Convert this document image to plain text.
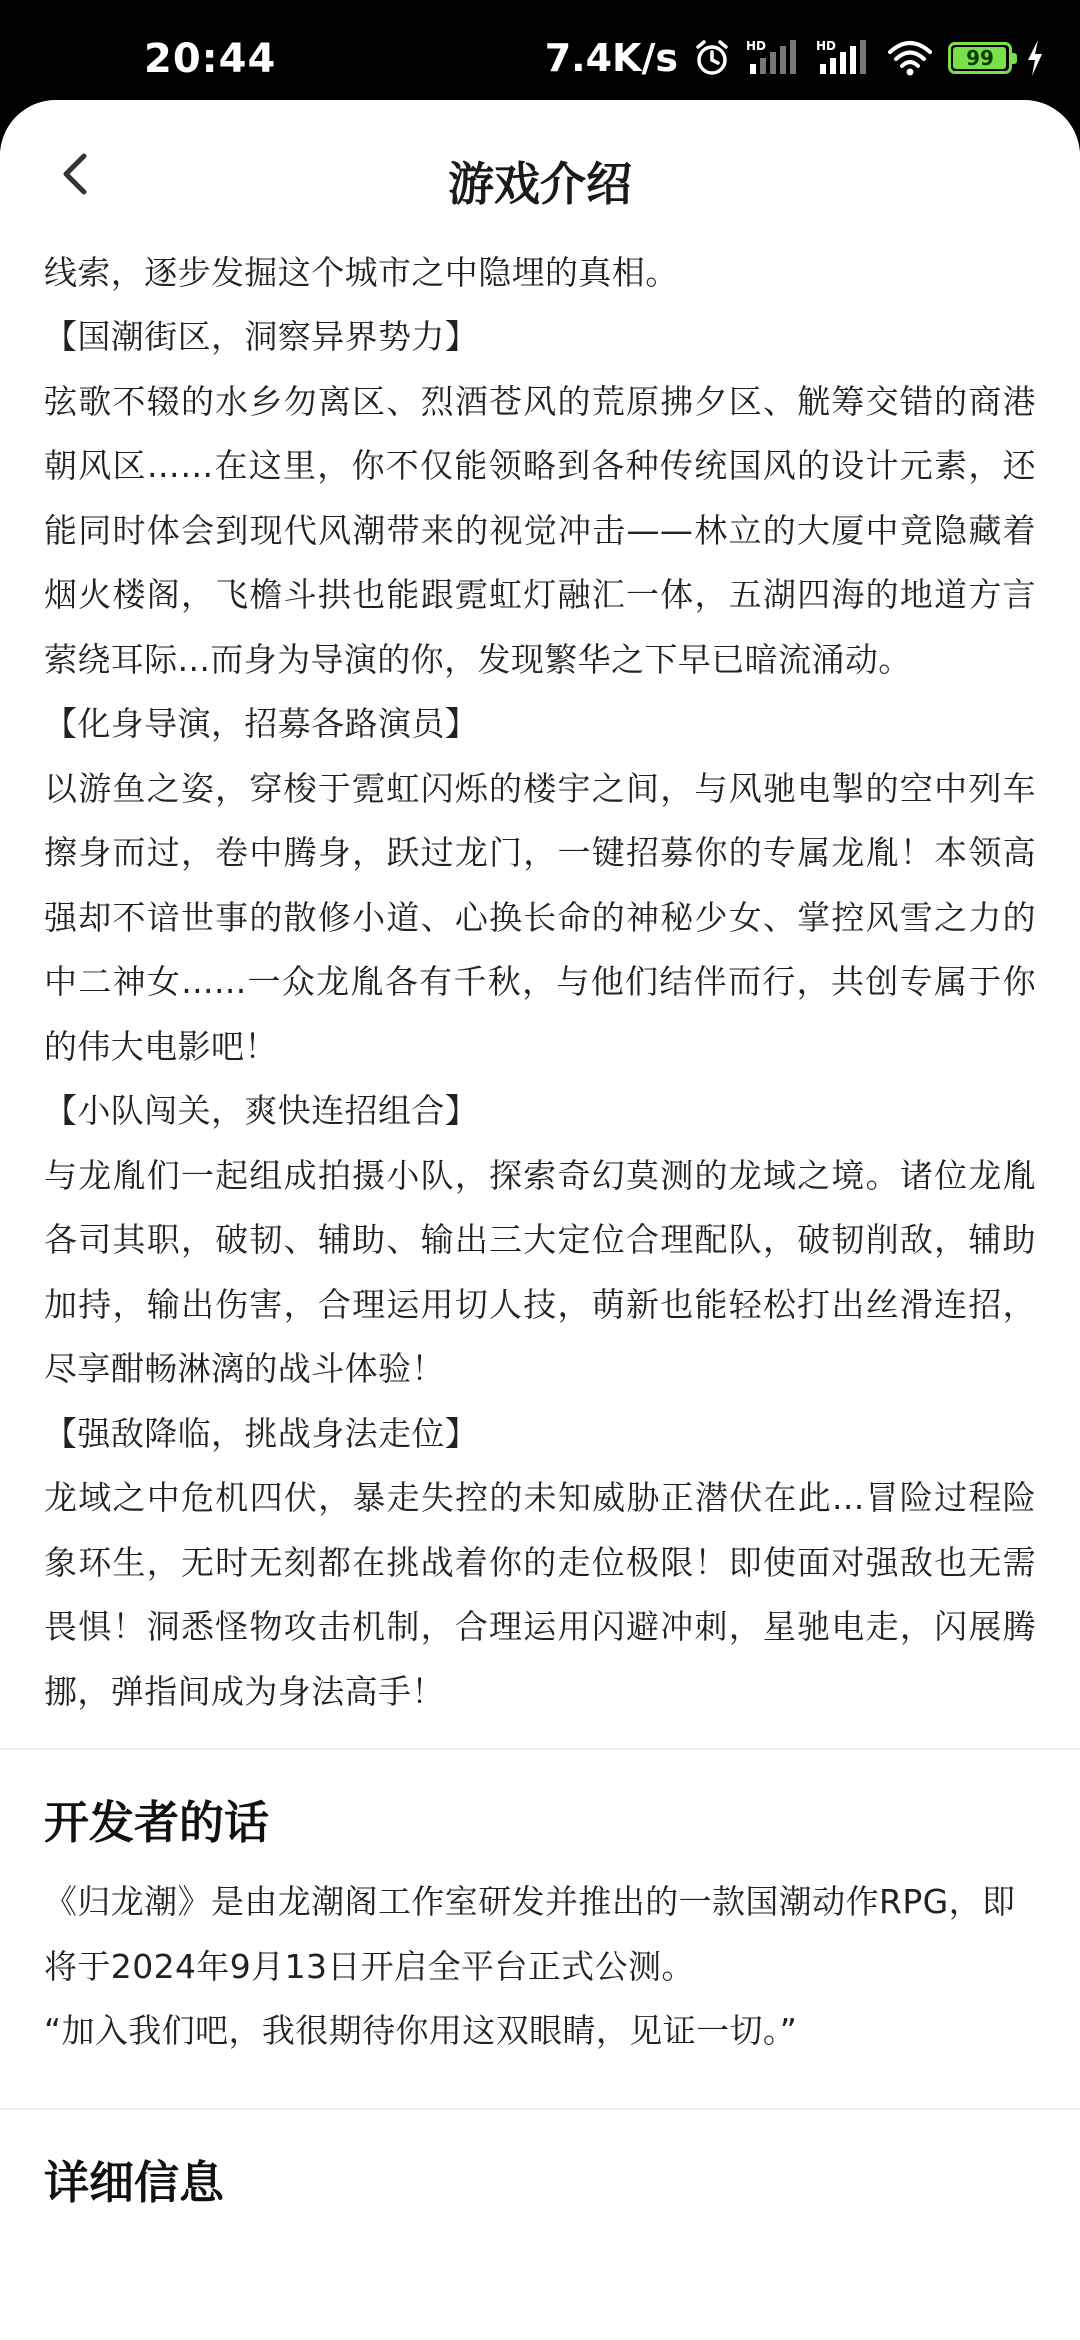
20:44	7.4K/s	HD	HD	99
游戏介绍

线索，逐步发掘这个城市之中隐埋的真相。

【国潮街区，洞察异界势力】

弦歌不辍的水乡勿离区、烈酒苍风的荒原拂夕区、觥筹交错的商港朝风区……在这里，你不仅能领略到各种传统国风的设计元素，还能同时体会到现代风潮带来的视觉冲击——林立的大厦中竟隐藏着烟火楼阁，飞檐斗拱也能跟霓虹灯融汇一体，五湖四海的地道方言萦绕耳际...而身为导演的你，发现繁华之下早已暗流涌动。

【化身导演，招募各路演员】

以游鱼之姿，穿梭于霓虹闪烁的楼宇之间，与风驰电掣的空中列车擦身而过，卷中腾身，跃过龙门，一键招募你的专属龙胤！本领高强却不谙世事的散修小道、心换长命的神秘少女、掌控风雪之力的中二神女......一众龙胤各有千秋，与他们结伴而行，共创专属于你的伟大电影吧！

【小队闯关，爽快连招组合】

与龙胤们一起组成拍摄小队，探索奇幻莫测的龙域之境。诸位龙胤各司其职，破韧、辅助、输出三大定位合理配队，破韧削敌，辅助加持，输出伤害，合理运用切人技，萌新也能轻松打出丝滑连招，尽享酣畅淋漓的战斗体验！

【强敌降临，挑战身法走位】

龙域之中危机四伏，暴走失控的未知威胁正潜伏在此...冒险过程险象环生，无时无刻都在挑战着你的走位极限！即使面对强敌也无需畏惧！洞悉怪物攻击机制，合理运用闪避冲刺，星驰电走，闪展腾挪，弹指间成为身法高手！

开发者的话

《归龙潮》是由龙潮阁工作室研发并推出的一款国潮动作RPG，即将于2024年9月13日开启全平台正式公测。

“加入我们吧，我很期待你用这双眼睛，见证一切。”

详细信息
